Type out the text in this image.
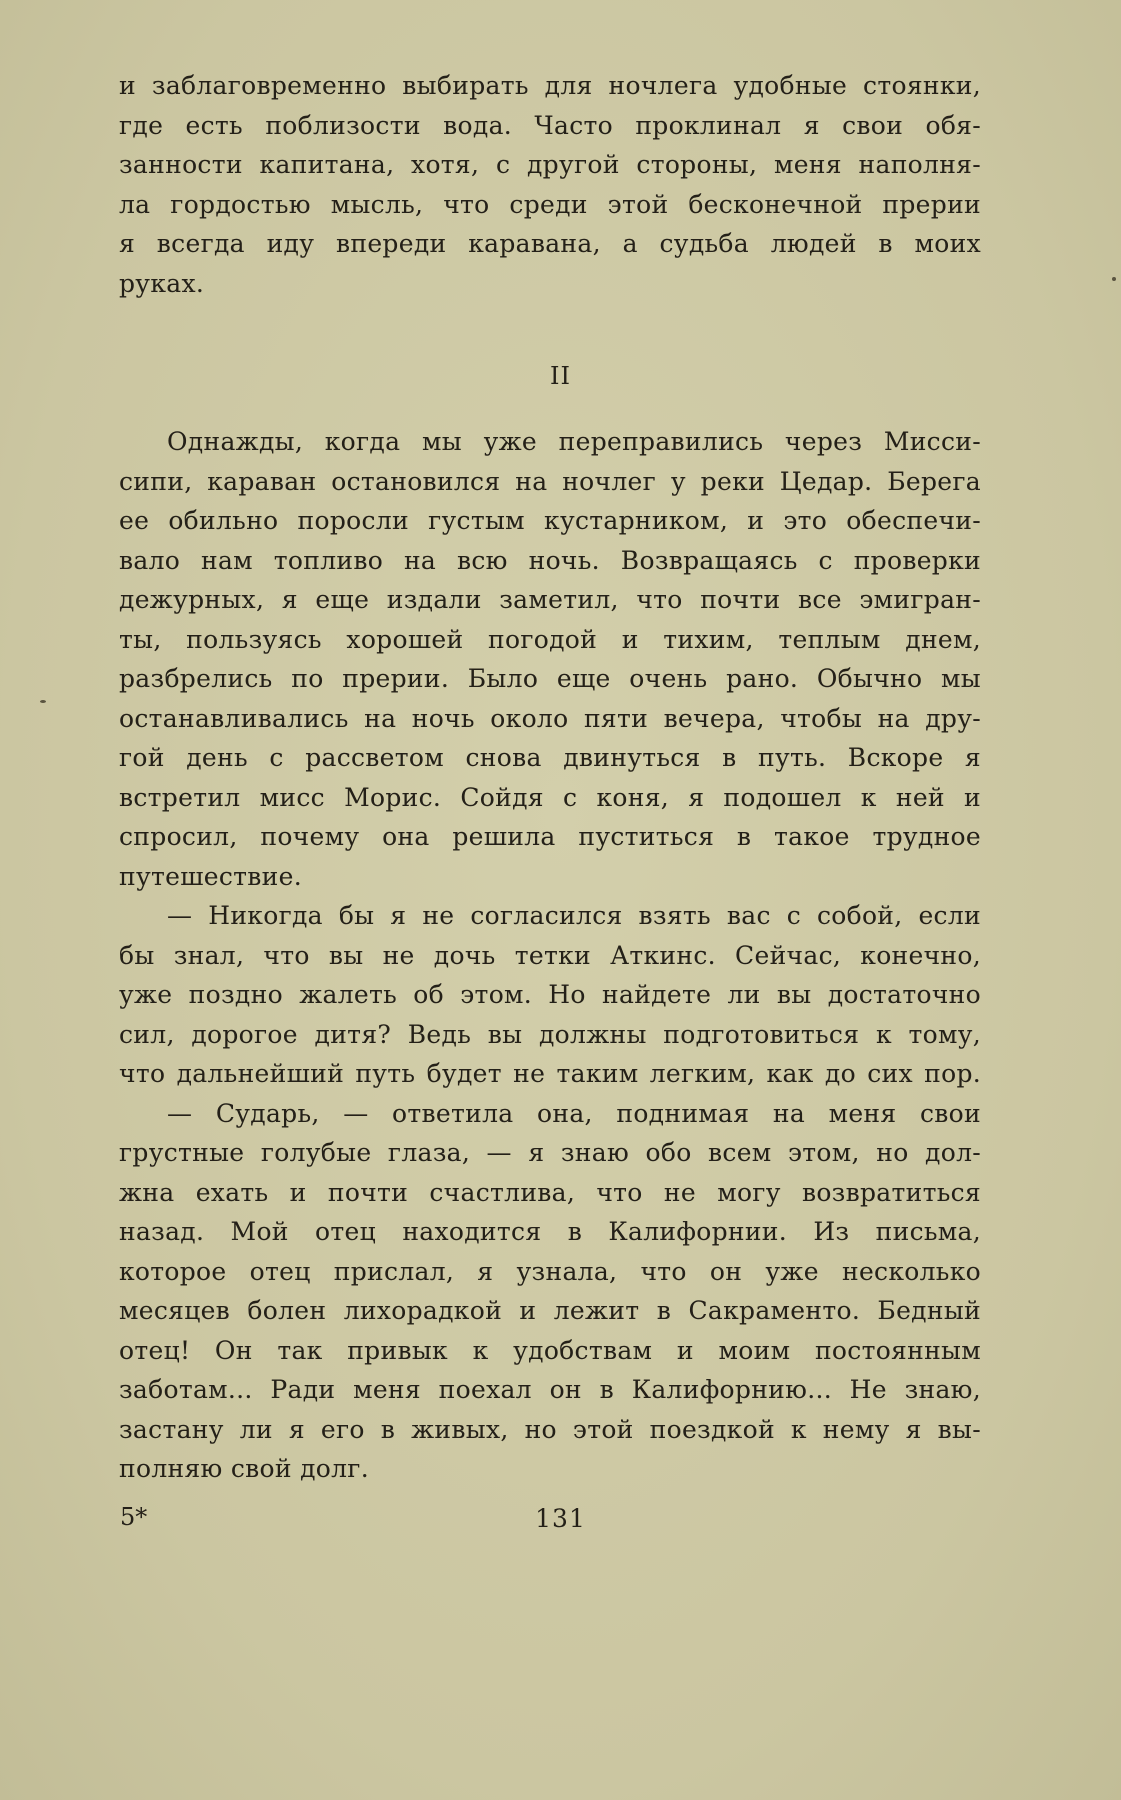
и заблаговременно выбирать для ночлега удобные стоянки,
где есть поблизости вода. Часто проклинал я свои обя-
занности капитана, хотя, с другой стороны, меня наполня-
ла гордостью мысль, что среди этой бесконечной прерии
я всегда иду впереди каравана, а судьба людей в моих
руках.
II
Однажды, когда мы уже переправились через Мисси-
сипи, караван остановился на ночлег у реки Цедар. Берега
ее обильно поросли густым кустарником, и это обеспечи-
вало нам топливо на всю ночь. Возвращаясь с проверки
дежурных, я еще издали заметил, что почти все эмигран-
ты, пользуясь хорошей погодой и тихим, теплым днем,
разбрелись по прерии. Было еще очень рано. Обычно мы
останавливались на ночь около пяти вечера, чтобы на дру-
гой день с рассветом снова двинуться в путь. Вскоре я
встретил мисс Морис. Сойдя с коня, я подошел к ней и
спросил, почему она решила пуститься в такое трудное
путешествие.
— Никогда бы я не согласился взять вас с собой, если
бы знал, что вы не дочь тетки Аткинс. Сейчас, конечно,
уже поздно жалеть об этом. Но найдете ли вы достаточно
сил, дорогое дитя? Ведь вы должны подготовиться к тому,
что дальнейший путь будет не таким легким, как до сих пор.
— Сударь, — ответила она, поднимая на меня свои
грустные голубые глаза, — я знаю обо всем этом, но дол-
жна ехать и почти счастлива, что не могу возвратиться
назад. Мой отец находится в Калифорнии. Из письма,
которое отец прислал, я узнала, что он уже несколько
месяцев болен лихорадкой и лежит в Сакраменто. Бедный
отец! Он так привык к удобствам и моим постоянным
заботам... Ради меня поехал он в Калифорнию... Не знаю,
застану ли я его в живых, но этой поездкой к нему я вы-
полняю свой долг.
5*	131
